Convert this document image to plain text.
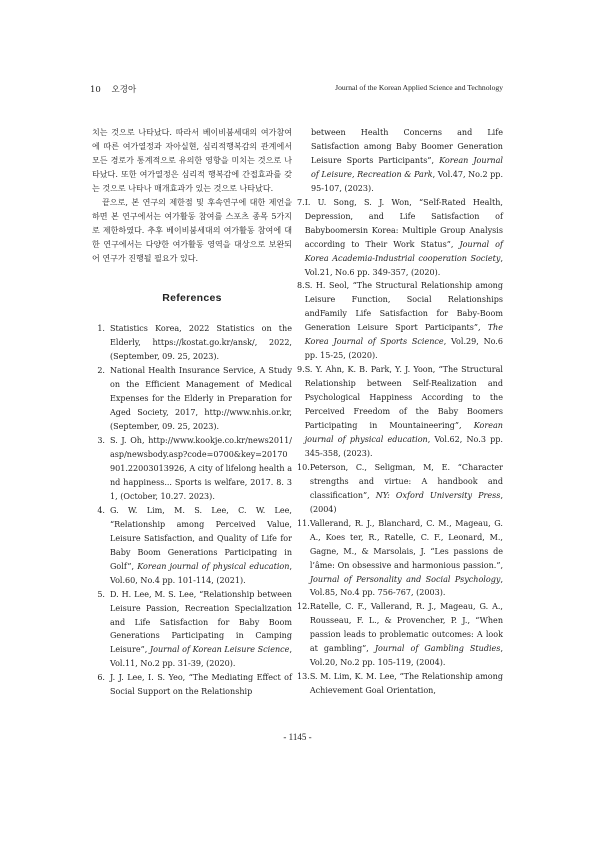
10 오경아	Journal of the Korean Applied Science and Technology

치는 것으로 나타났다. 따라서 베이비붐세대의 여가참여에 따른 여가열정과 자아실현, 심리적행복감의 관계에서 모든 경로가 통계적으로 유의한 영향을 미치는 것으로 나타났다. 또한 여가열정은 심리적 행복감에 간접효과를 갖는 것으로 나타나 매개효과가 있는 것으로 나타났다.

끝으로, 본 연구의 제한점 및 후속연구에 대한 제언을 하면 본 연구에서는 여가활동 참여를 스포츠 종목 5가지로 제한하였다. 추후 베이비붐세대의 여가활동 참여에 대한 연구에서는 다양한 여가활동 영역을 대상으로 보완되어 연구가 진행될 필요가 있다.

References
1. Statistics Korea, 2022 Statistics on the Elderly, https://kostat.go.kr/ansk/, 2022, (September, 09. 25, 2023).
2. National Health Insurance Service, A Study on the Efficient Management of Medical Expenses for the Elderly in Preparation for Aged Society, 2017, http://www.nhis.or.kr, (September, 09. 25, 2023).
3. S. J. Oh, http://www.kookje.co.kr/news2011/asp/newsbody.asp?code=0700&key=20170901.22003013926, A city of lifelong health and happiness... Sports is welfare, 2017. 8. 31, (October, 10.27. 2023).
4. G. W. Lim, M. S. Lee, C. W. Lee, “Relationship among Perceived Value, Leisure Satisfaction, and Quality of Life for Baby Boom Generations Participating in Golf”, Korean journal of physical education, Vol.60, No.4 pp. 101-114, (2021).
5. D. H. Lee, M. S. Lee, “Relationship between Leisure Passion, Recreation Specialization and Life Satisfaction for Baby Boom Generations Participating in Camping Leisure”, Journal of Korean Leisure Science, Vol.11, No.2 pp. 31-39, (2020).
6. J. J. Lee, I. S. Yeo, “The Mediating Effect of Social Support on the Relationship
between Health Concerns and Life Satisfaction among Baby Boomer Generation Leisure Sports Participants”, Korean Journal of Leisure, Recreation & Park, Vol.47, No.2 pp. 95-107, (2023).
7. I. U. Song, S. J. Won, “Self-Rated Health, Depression, and Life Satisfaction of Babyboomersin Korea: Multiple Group Analysis according to Their Work Status”, Journal of Korea Academia-Industrial cooperation Society, Vol.21, No.6 pp. 349-357, (2020).
8. S. H. Seol, “The Structural Relationship among Leisure Function, Social Relationships andFamily Life Satisfaction for Baby-Boom Generation Leisure Sport Participants”, The Korea Journal of Sports Science, Vol.29, No.6 pp. 15-25, (2020).
9. S. Y. Ahn, K. B. Park, Y. J. Yoon, “The Structural Relationship between Self-Realization and Psychological Happiness According to the Perceived Freedom of the Baby Boomers Participating in Mountaineering”, Korean journal of physical education, Vol.62, No.3 pp. 345-358, (2023).
10. Peterson, C., Seligman, M, E. “Character strengths and virtue: A handbook and classification”, NY: Oxford University Press, (2004)
11. Vallerand, R. J., Blanchard, C. M., Mageau, G. A., Koes ter, R., Ratelle, C. F., Leonard, M., Gagne, M., & Marsolais, J. “Les passions de l’âme: On obsessive and harmonious passion.”, Journal of Personality and Social Psychology, Vol.85, No.4 pp. 756-767, (2003).
12. Ratelle, C. F., Vallerand, R. J., Mageau, G. A., Rousseau, F. L., & Provencher, P. J., “When passion leads to problematic outcomes: A look at gambling”, Journal of Gambling Studies, Vol.20, No.2 pp. 105-119, (2004).
13. S. M. Lim, K. M. Lee, “The Relationship among Achievement Goal Orientation,
- 1145 -
